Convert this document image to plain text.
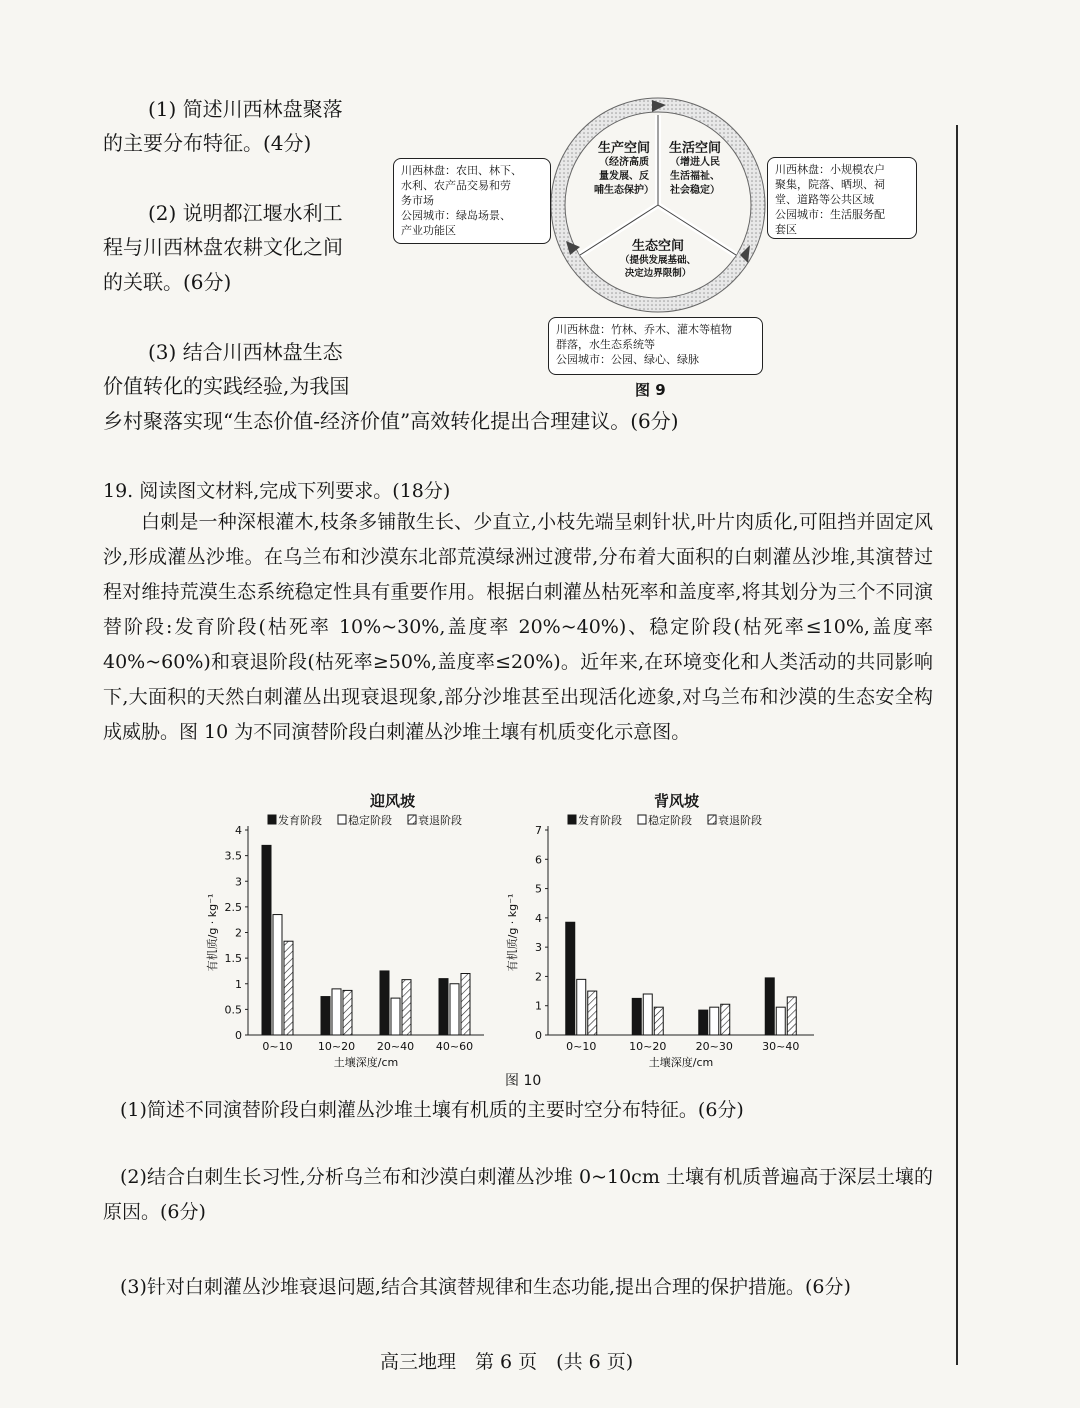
(1) 简述川西林盘聚落
的主要分布特征。(4分)
(2) 说明都江堰水利工
程与川西林盘农耕文化之间
的关联。(6分)
(3) 结合川西林盘生态
价值转化的实践经验,为我国
乡村聚落实现“生态价值-经济价值”高效转化提出合理建议。(6分)
生产空间
（经济高质
量发展、反
哺生态保护）
生活空间
（增进人民
生活福祉、
社会稳定）
生态空间
（提供发展基础、
决定边界限制）
川西林盘：农田、林下、
水利、农产品交易和劳
务市场
公园城市：绿岛场景、
产业功能区
川西林盘：小规模农户
聚集，院落、晒坝、祠
堂、道路等公共区域
公园城市：生活服务配
套区
川西林盘：竹林、乔木、灌木等植物
群落，水生态系统等
公园城市：公园、绿心、绿脉
图 9
19. 阅读图文材料,完成下列要求。(18分)
白刺是一种深根灌木,枝条多铺散生长、少直立,小枝先端呈刺针状,叶片肉质化,可阻挡并固定风沙,形成灌丛沙堆。在乌兰布和沙漠东北部荒漠绿洲过渡带,分布着大面积的白刺灌丛沙堆,其演替过程对维持荒漠生态系统稳定性具有重要作用。根据白刺灌丛枯死率和盖度率,将其划分为三个不同演替阶段:发育阶段(枯死率 10%~30%,盖度率 20%~40%)、稳定阶段(枯死率≤10%,盖度率 40%~60%)和衰退阶段(枯死率≥50%,盖度率≤20%)。近年来,在环境变化和人类活动的共同影响下,大面积的天然白刺灌丛出现衰退现象,部分沙堆甚至出现活化迹象,对乌兰布和沙漠的生态安全构成威胁。图 10 为不同演替阶段白刺灌丛沙堆土壤有机质变化示意图。
迎风坡	背风坡
0
0.5
1
1.5
2
2.5
3
3.5
4
有机质/g · kg⁻¹
0~10 10~20 20~40 40~60
土壤深度/cm
发育阶段 稳定阶段 衰退阶段
0
1
2
3
4
5
6
7
有机质/g · kg⁻¹
0~10	10~20	20~30	30~40
土壤深度/cm
发育阶段 稳定阶段 衰退阶段
图 10
(1)简述不同演替阶段白刺灌丛沙堆土壤有机质的主要时空分布特征。(6分)
(2)结合白刺生长习性,分析乌兰布和沙漠白刺灌丛沙堆 0~10cm 土壤有机质普遍高于深层土壤的原因。(6分)
(3)针对白刺灌丛沙堆衰退问题,结合其演替规律和生态功能,提出合理的保护措施。(6分)
高三地理　第 6 页　(共 6 页)
